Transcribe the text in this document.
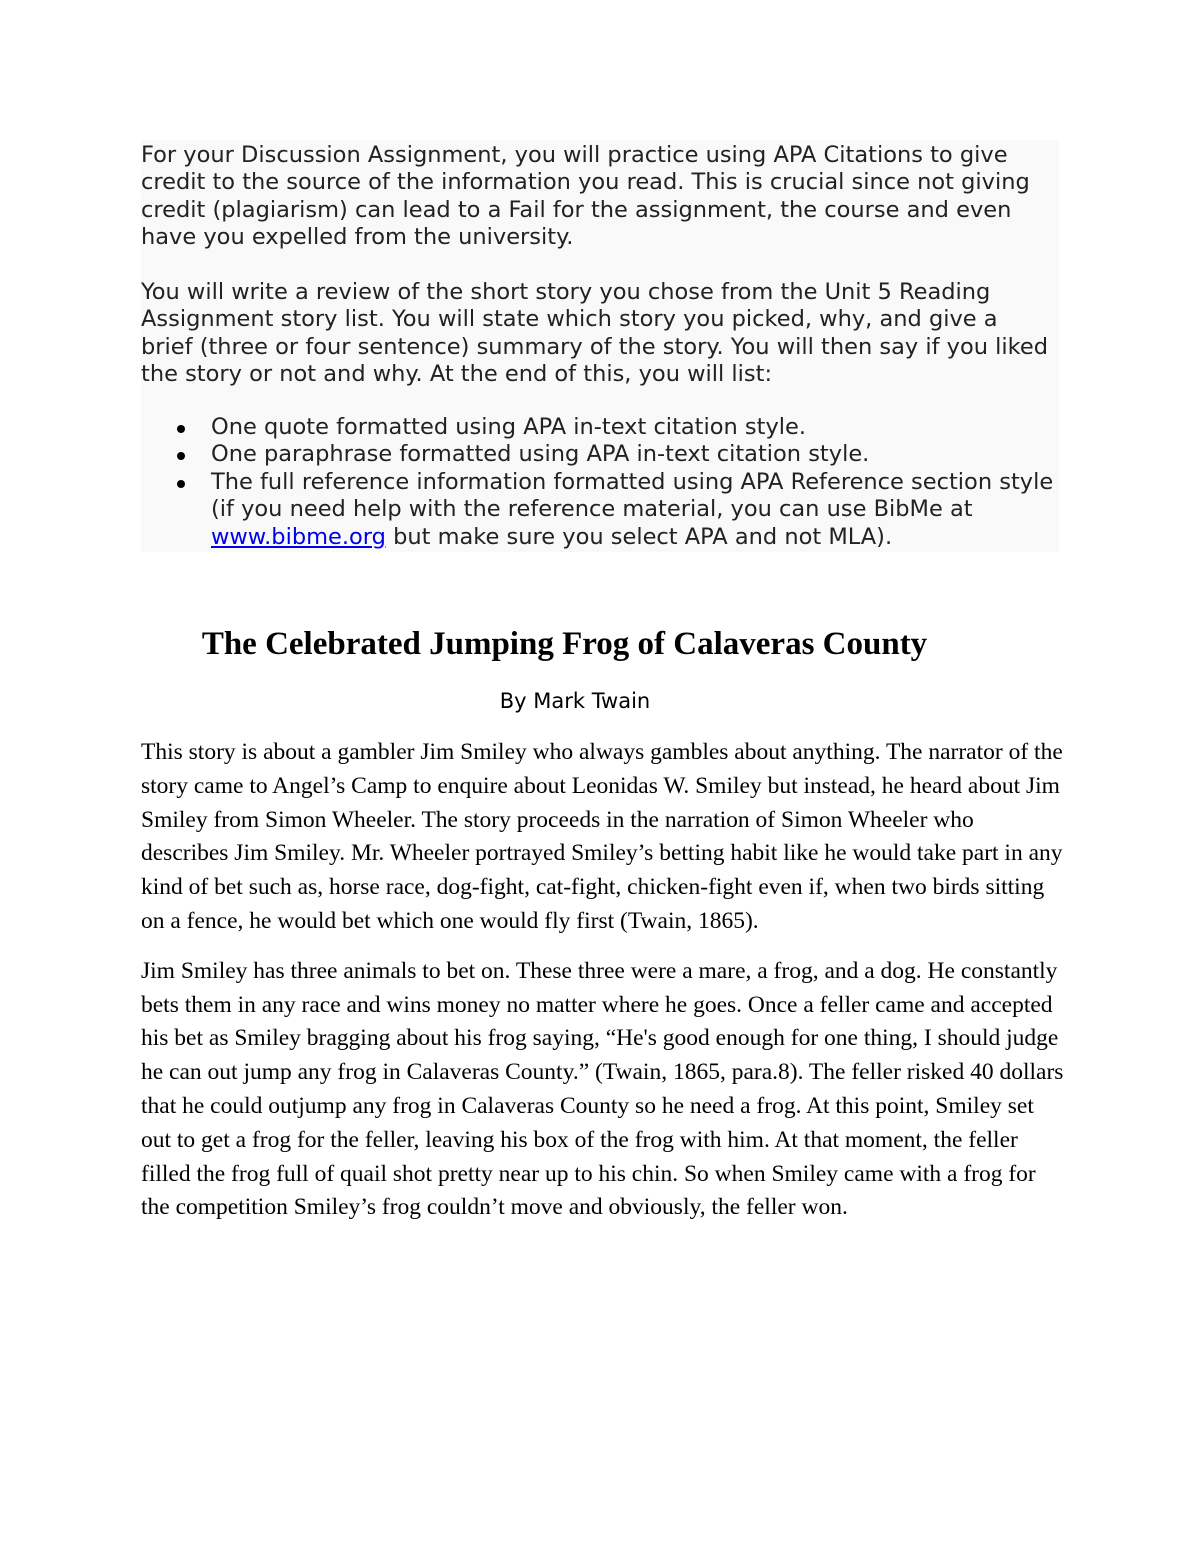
For your Discussion Assignment, you will practice using APA Citations to give credit to the source of the information you read. This is crucial since not giving credit (plagiarism) can lead to a Fail for the assignment, the course and even have you expelled from the university.

You will write a review of the short story you chose from the Unit 5 Reading Assignment story list. You will state which story you picked, why, and give a brief (three or four sentence) summary of the story. You will then say if you liked the story or not and why. At the end of this, you will list:

One quote formatted using APA in-text citation style.
One paraphrase formatted using APA in-text citation style.
The full reference information formatted using APA Reference section style (if you need help with the reference material, you can use BibMe at www.bibme.org but make sure you select APA and not MLA).
The Celebrated Jumping Frog of Calaveras County
By Mark Twain

This story is about a gambler Jim Smiley who always gambles about anything. The narrator of the story came to Angel’s Camp to enquire about Leonidas W. Smiley but instead, he heard about Jim Smiley from Simon Wheeler. The story proceeds in the narration of Simon Wheeler who describes Jim Smiley. Mr. Wheeler portrayed Smiley’s betting habit like he would take part in any kind of bet such as, horse race, dog-fight, cat-fight, chicken-fight even if, when two birds sitting on a fence, he would bet which one would fly first (Twain, 1865).

Jim Smiley has three animals to bet on. These three were a mare, a frog, and a dog. He constantly bets them in any race and wins money no matter where he goes. Once a feller came and accepted his bet as Smiley bragging about his frog saying, “He's good enough for one thing, I should judge he can out jump any frog in Calaveras County.” (Twain, 1865, para.8). The feller risked 40 dollars that he could outjump any frog in Calaveras County so he need a frog. At this point, Smiley set out to get a frog for the feller, leaving his box of the frog with him. At that moment, the feller filled the frog full of quail shot pretty near up to his chin. So when Smiley came with a frog for the competition Smiley’s frog couldn’t move and obviously, the feller won.
